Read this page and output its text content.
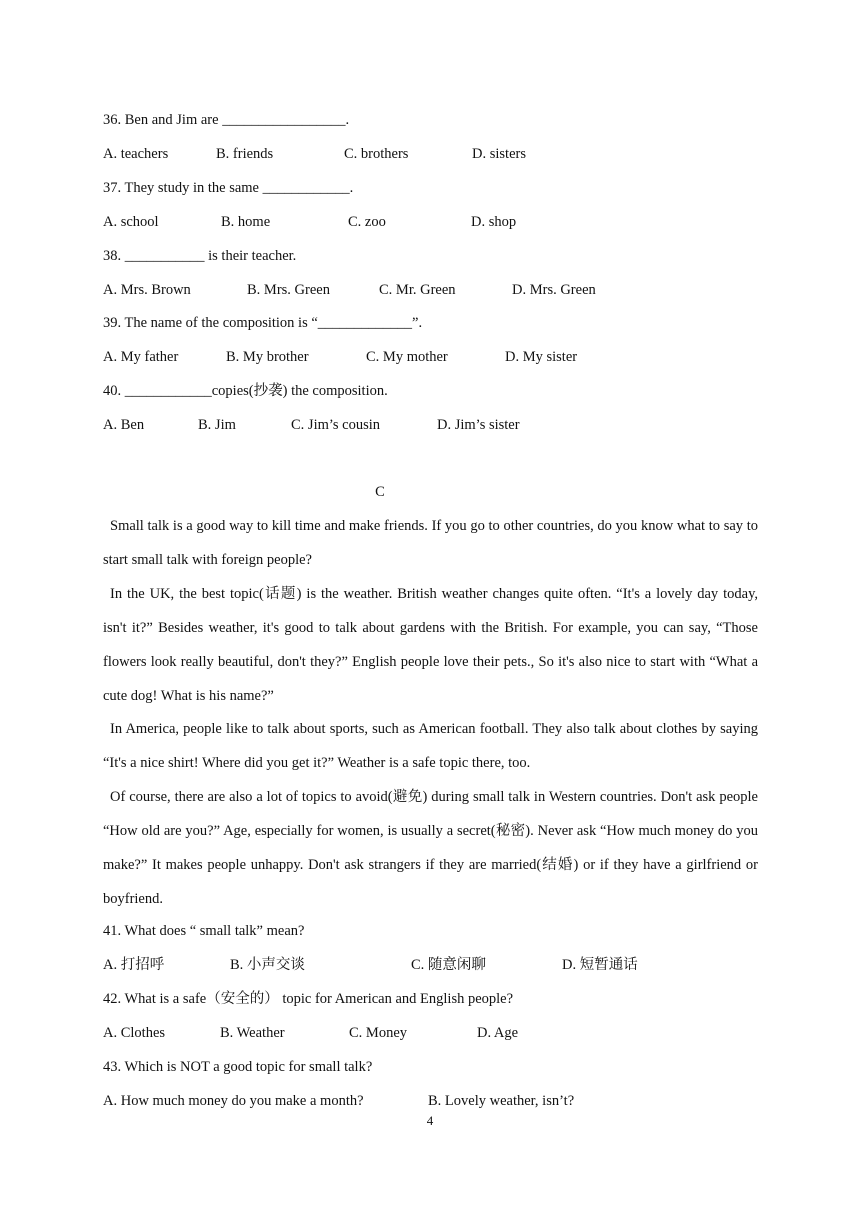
36. Ben and Jim are _________________.
A. teachers	B. friends	C. brothers	D. sisters
37. They study in the same ____________.
A. school	B. home	C. zoo	D. shop
38. ___________ is their teacher.
A. Mrs. Brown	B. Mrs. Green	C. Mr. Green	D. Mrs. Green
39. The name of the composition is “_____________”.
A. My father	B. My brother	C. My mother	D. My sister
40. ____________copies(抄袭) the composition.
A. Ben	B. Jim	C. Jim’s cousin	D. Jim’s sister
C

Small talk is a good way to kill time and make friends. If you go to other countries, do you know what to say to start small talk with foreign people?

In the UK, the best topic(话题) is the weather. British weather changes quite often. “It's a lovely day today, isn't it?” Besides weather, it's good to talk about gardens with the British. For example, you can say, “Those flowers look really beautiful, don't they?” English people love their pets., So it's also nice to start with “What a cute dog! What is his name?”

In America, people like to talk about sports, such as American football. They also talk about clothes by saying “It's a nice shirt! Where did you get it?” Weather is a safe topic there, too.

Of course, there are also a lot of topics to avoid(避免) during small talk in Western countries. Don't ask people “How old are you?” Age, especially for women, is usually a secret(秘密). Never ask “How much money do you make?” It makes people unhappy. Don't ask strangers if they are married(结婚) or if they have a girlfriend or boyfriend.

41. What does “ small talk” mean?
A. 打招呼	B. 小声交谈	C. 随意闲聊	D. 短暂通话
42. What is a safe（安全的） topic for American and English people?
A. Clothes	B. Weather	C. Money	D. Age
43. Which is NOT a good topic for small talk?
A. How much money do you make a month?	B. Lovely weather, isn’t?
4
